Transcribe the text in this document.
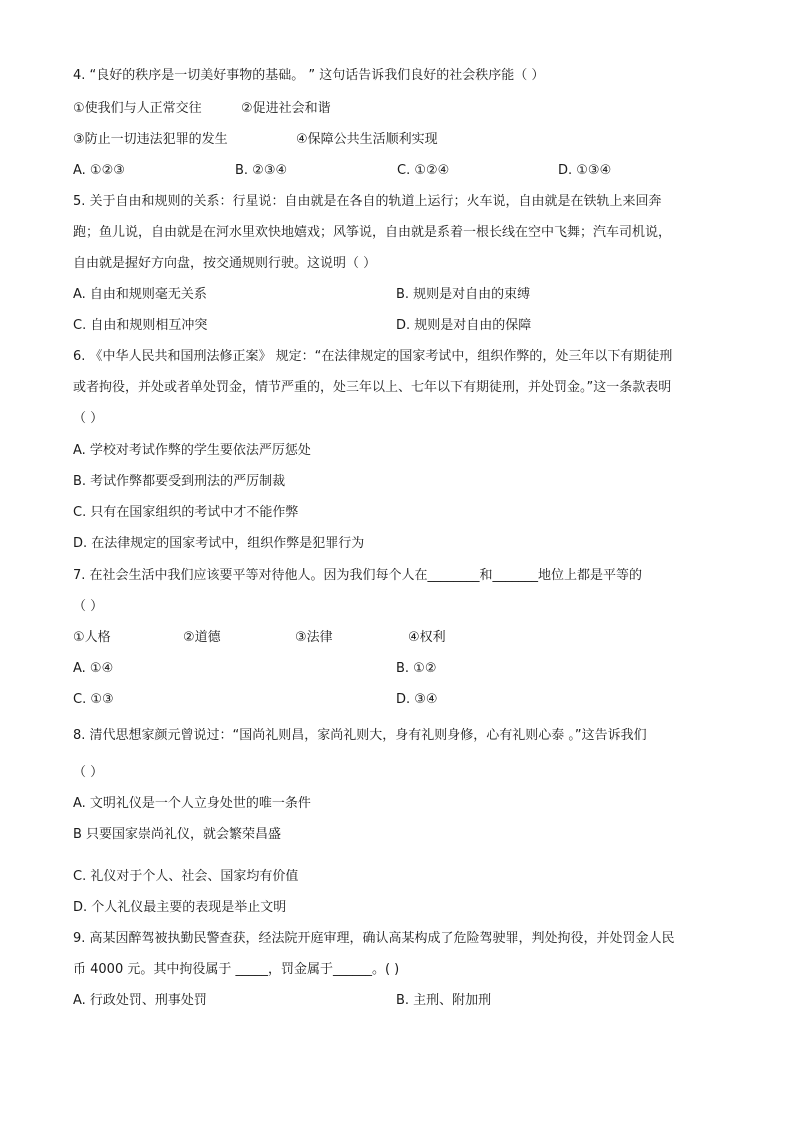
4. “良好的秩序是一切美好事物的基础。 ” 这句话告诉我们良好的社会秩序能（ ）
①使我们与人正常交往	②促进社会和谐
③防止一切违法犯罪的发生	④保障公共生活顺利实现
A. ①②③	B. ②③④	C. ①②④	D. ①③④
5. 关于自由和规则的关系：行星说：自由就是在各自的轨道上运行；火车说，自由就是在铁轨上来回奔
跑；鱼儿说，自由就是在河水里欢快地嬉戏；风筝说，自由就是系着一根长线在空中飞舞；汽车司机说，
自由就是握好方向盘，按交通规则行驶。这说明（ ）
A. 自由和规则毫无关系	B. 规则是对自由的束缚
C. 自由和规则相互冲突	D. 规则是对自由的保障
6. 《中华人民共和国刑法修正案》 规定：“在法律规定的国家考试中，组织作弊的，处三年以下有期徒刑
或者拘役，并处或者单处罚金，情节严重的，处三年以上、七年以下有期徒刑，并处罚金。”这一条款表明
（ ）
A. 学校对考试作弊的学生要依法严厉惩处
B. 考试作弊都要受到刑法的严厉制裁
C. 只有在国家组织的考试中才不能作弊
D. 在法律规定的国家考试中，组织作弊是犯罪行为
7. 在社会生活中我们应该要平等对待他人。因为我们每个人在________和_______地位上都是平等的
（ ）
①人格	②道德	③法律	④权利
A. ①④	B. ①②
C. ①③	D. ③④
8. 清代思想家颜元曾说过：“国尚礼则昌，家尚礼则大，身有礼则身修，心有礼则心泰 。”这告诉我们
（ ）
A. 文明礼仪是一个人立身处世的唯一条件
B 只要国家崇尚礼仪，就会繁荣昌盛
C. 礼仪对于个人、社会、国家均有价值
D. 个人礼仪最主要的表现是举止文明
9. 高某因醉驾被执勤民警查获，经法院开庭审理，确认高某构成了危险驾驶罪，判处拘役，并处罚金人民
币 4000 元。其中拘役属于 _____，罚金属于______。( )
A. 行政处罚、刑事处罚	B. 主刑、附加刑
